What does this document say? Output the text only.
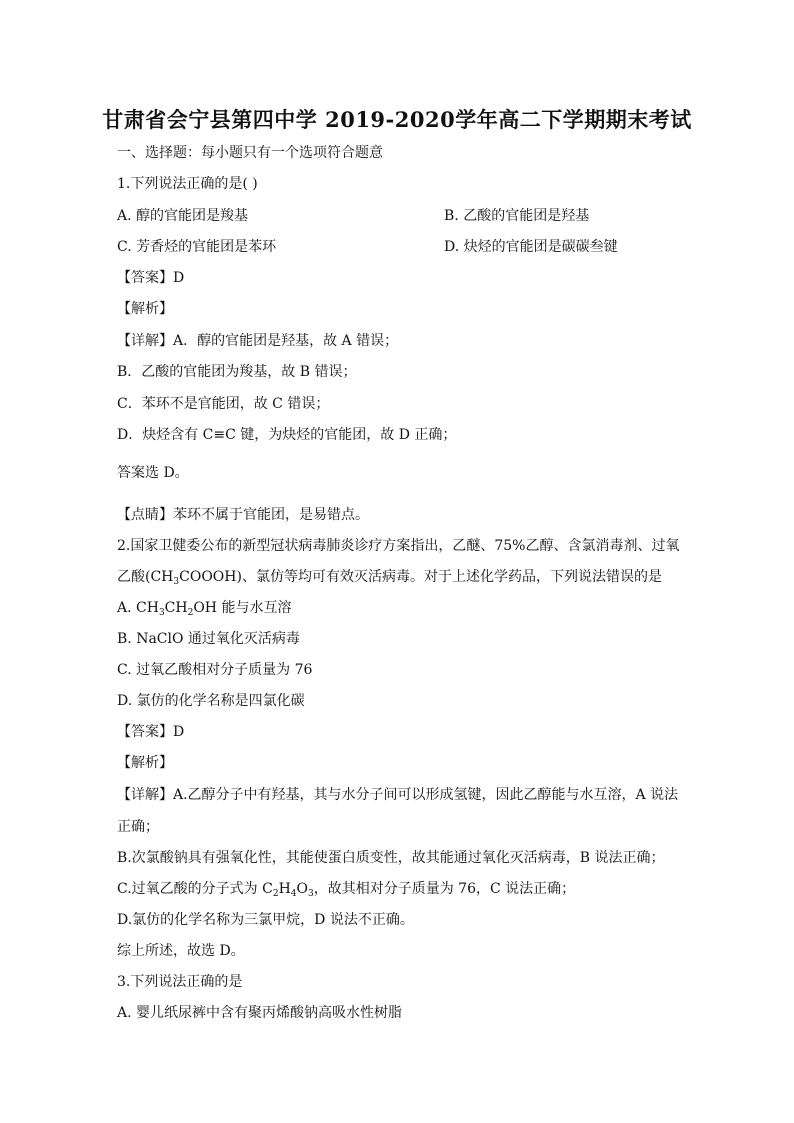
甘肃省会宁县第四中学 2019-2020学年高二下学期期末考试
一、选择题：每小题只有一个选项符合题意
1.下列说法正确的是( )
A. 醇的官能团是羧基	B. 乙酸的官能团是羟基
C. 芳香烃的官能团是苯环	D. 炔烃的官能团是碳碳叁键
【答案】D
【解析】
【详解】A．醇的官能团是羟基，故 A 错误；
B．乙酸的官能团为羧基，故 B 错误；
C．苯环不是官能团，故 C 错误；
D．炔烃含有 C≡C 键，为炔烃的官能团，故 D 正确；
答案选 D。
【点睛】苯环不属于官能团，是易错点。
2.国家卫健委公布的新型冠状病毒肺炎诊疗方案指出，乙醚、75%乙醇、含氯消毒剂、过氧
乙酸$(CH_3COOOH)$、氯仿等均可有效灭活病毒。对于上述化学药品，下列说法错误的是
A. $CH_3CH_2OH$ 能与水互溶
B. NaClO 通过氧化灭活病毒
C. 过氧乙酸相对分子质量为 76
D. 氯仿的化学名称是四氯化碳
【答案】D
【解析】
【详解】A.乙醇分子中有羟基，其与水分子间可以形成氢键，因此乙醇能与水互溶，A 说法
正确；
B.次氯酸钠具有强氧化性，其能使蛋白质变性，故其能通过氧化灭活病毒，B 说法正确；
C.过氧乙酸的分子式为 $C_2H_4O_3$，故其相对分子质量为 76，C 说法正确；
D.氯仿的化学名称为三氯甲烷，D 说法不正确。
综上所述，故选 D。
3.下列说法正确的是
A. 婴儿纸尿裤中含有聚丙烯酸钠高吸水性树脂
